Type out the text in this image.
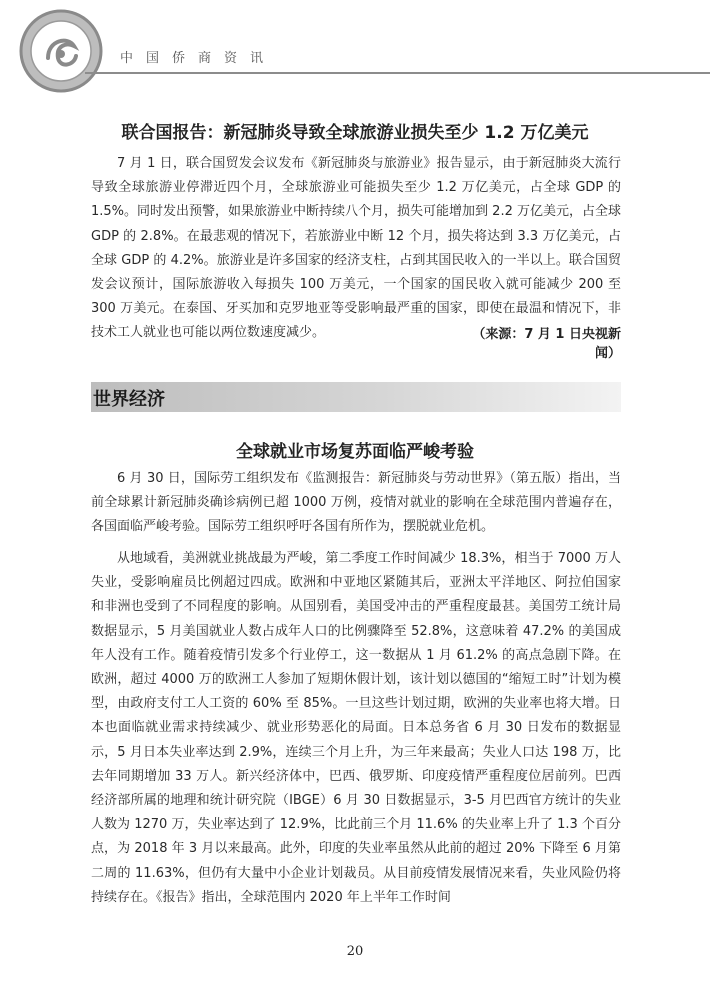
中国侨商资讯
联合国报告：新冠肺炎导致全球旅游业损失至少 1.2 万亿美元

7 月 1 日，联合国贸发会议发布《新冠肺炎与旅游业》报告显示，由于新冠肺炎大流行导致全球旅游业停滞近四个月，全球旅游业可能损失至少 1.2 万亿美元，占全球 GDP 的 1.5%。同时发出预警，如果旅游业中断持续八个月，损失可能增加到 2.2 万亿美元，占全球 GDP 的 2.8%。在最悲观的情况下，若旅游业中断 12 个月，损失将达到 3.3 万亿美元，占全球 GDP 的 4.2%。旅游业是许多国家的经济支柱，占到其国民收入的一半以上。联合国贸发会议预计，国际旅游收入每损失 100 万美元，一个国家的国民收入就可能减少 200 至 300 万美元。在泰国、牙买加和克罗地亚等受影响最严重的国家，即使在最温和情况下，非技术工人就业也可能以两位数速度减少。	（来源：7 月 1 日央视新闻）
世界经济
全球就业市场复苏面临严峻考验

6 月 30 日，国际劳工组织发布《监测报告：新冠肺炎与劳动世界》（第五版）指出，当前全球累计新冠肺炎确诊病例已超 1000 万例，疫情对就业的影响在全球范围内普遍存在，各国面临严峻考验。国际劳工组织呼吁各国有所作为，摆脱就业危机。

从地域看，美洲就业挑战最为严峻，第二季度工作时间减少 18.3%，相当于 7000 万人失业，受影响雇员比例超过四成。欧洲和中亚地区紧随其后，亚洲太平洋地区、阿拉伯国家和非洲也受到了不同程度的影响。从国别看，美国受冲击的严重程度最甚。美国劳工统计局数据显示，5 月美国就业人数占成年人口的比例骤降至 52.8%，这意味着 47.2% 的美国成年人没有工作。随着疫情引发多个行业停工，这一数据从 1 月 61.2% 的高点急剧下降。在欧洲，超过 4000 万的欧洲工人参加了短期休假计划，该计划以德国的“缩短工时”计划为模型，由政府支付工人工资的 60% 至 85%。一旦这些计划过期，欧洲的失业率也将大增。日本也面临就业需求持续减少、就业形势恶化的局面。日本总务省 6 月 30 日发布的数据显示，5 月日本失业率达到 2.9%，连续三个月上升，为三年来最高；失业人口达 198 万，比去年同期增加 33 万人。新兴经济体中，巴西、俄罗斯、印度疫情严重程度位居前列。巴西经济部所属的地理和统计研究院（IBGE）6 月 30 日数据显示，3-5 月巴西官方统计的失业人数为 1270 万，失业率达到了 12.9%，比此前三个月 11.6% 的失业率上升了 1.3 个百分点，为 2018 年 3 月以来最高。此外，印度的失业率虽然从此前的超过 20% 下降至 6 月第二周的 11.63%，但仍有大量中小企业计划裁员。从目前疫情发展情况来看，失业风险仍将持续存在。《报告》指出，全球范围内 2020 年上半年工作时间

20
